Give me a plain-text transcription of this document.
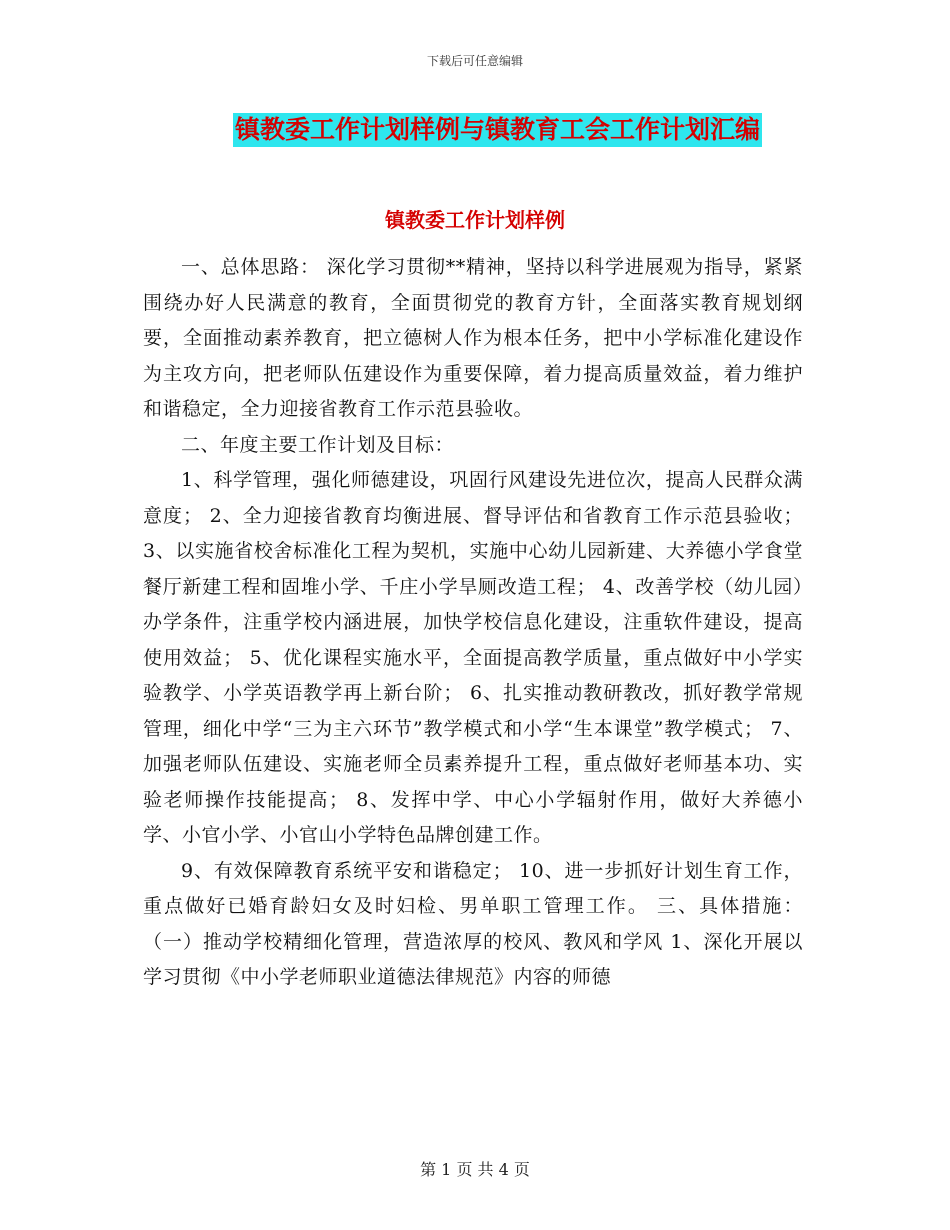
下载后可任意编辑
镇教委工作计划样例与镇教育工会工作计划汇编
镇教委工作计划样例

一、总体思路： 深化学习贯彻**精神，坚持以科学进展观为指导，紧紧围绕办好人民满意的教育，全面贯彻党的教育方针，全面落实教育规划纲要，全面推动素养教育，把立德树人作为根本任务，把中小学标准化建设作为主攻方向，把老师队伍建设作为重要保障，着力提高质量效益，着力维护和谐稳定，全力迎接省教育工作示范县验收。

二、年度主要工作计划及目标：

1、科学管理，强化师德建设，巩固行风建设先进位次，提高人民群众满意度； 2、全力迎接省教育均衡进展、督导评估和省教育工作示范县验收； 3、以实施省校舍标准化工程为契机，实施中心幼儿园新建、大养德小学食堂餐厅新建工程和固堆小学、千庄小学旱厕改造工程； 4、改善学校（幼儿园）办学条件，注重学校内涵进展，加快学校信息化建设，注重软件建设，提高使用效益； 5、优化课程实施水平，全面提高教学质量，重点做好中小学实验教学、小学英语教学再上新台阶； 6、扎实推动教研教改，抓好教学常规管理，细化中学“三为主六环节”教学模式和小学“生本课堂”教学模式； 7、加强老师队伍建设、实施老师全员素养提升工程，重点做好老师基本功、实验老师操作技能提高； 8、发挥中学、中心小学辐射作用，做好大养德小学、小官小学、小官山小学特色品牌创建工作。

9、有效保障教育系统平安和谐稳定； 10、进一步抓好计划生育工作，重点做好已婚育龄妇女及时妇检、男单职工管理工作。 三、具体措施： （一）推动学校精细化管理，营造浓厚的校风、教风和学风 1、深化开展以学习贯彻《中小学老师职业道德法律规范》内容的师德

第 1 页 共 4 页
